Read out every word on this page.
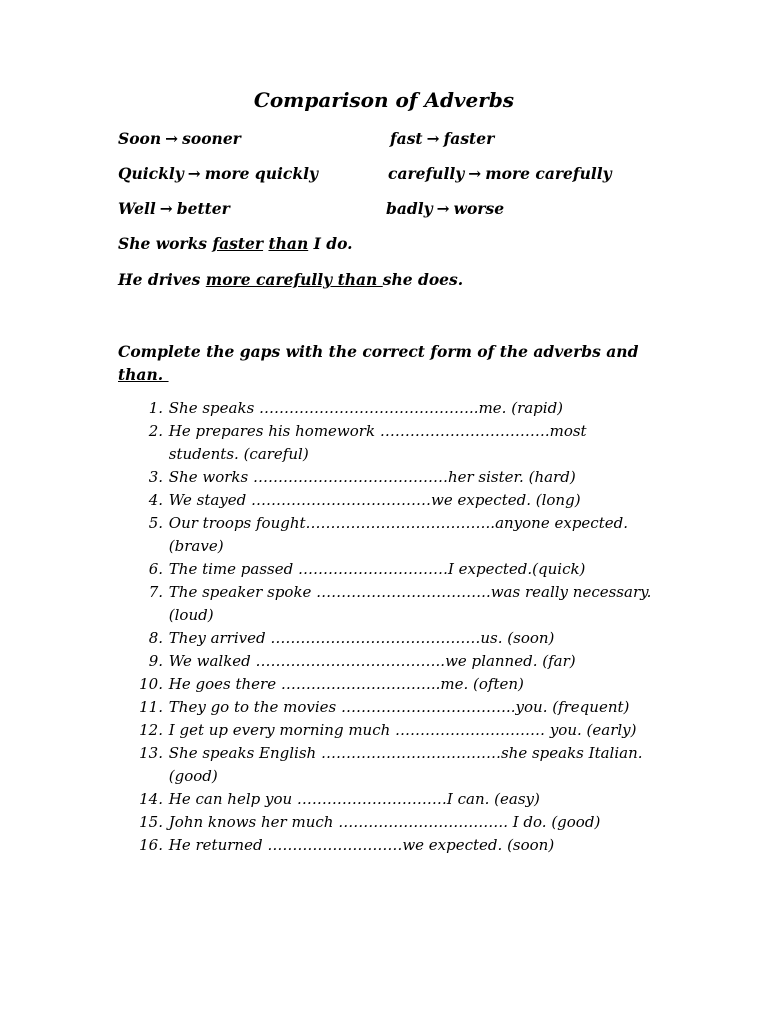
Comparison of Adverbs
Soon → sooner	fast → faster
Quickly → more quickly	carefully → more carefully
Well → better	badly → worse
She works faster than I do.
He drives more carefully than she does.
Complete the gaps with the correct form of the adverbs and than.
1.
She speaks ……………………………………..me. (rapid)
2.
He prepares his homework …………………………….most students. (careful)
3.
She works …………………………………her sister. (hard)
4.
We stayed ………………………………we expected. (long)
5.
Our troops fought………………………………..anyone expected. (brave)
6.
The time passed …………………………I expected.(quick)
7.
The speaker spoke ……………………………..was really necessary. (loud)
8.
They arrived ……………………………………us. (soon)
9.
We walked ………………………………..we planned. (far)
10.
He goes there …………………………..me. (often)
11.
They go to the movies ……………………………..you. (frequent)
12.
I get up every morning much ………………………… you. (early)
13.
She speaks English ………………………………she speaks Italian. (good)
14.
He can help you …………………………I can. (easy)
15.
John knows her much ……………………………. I do. (good)
16.
He returned ………………………we expected. (soon)
